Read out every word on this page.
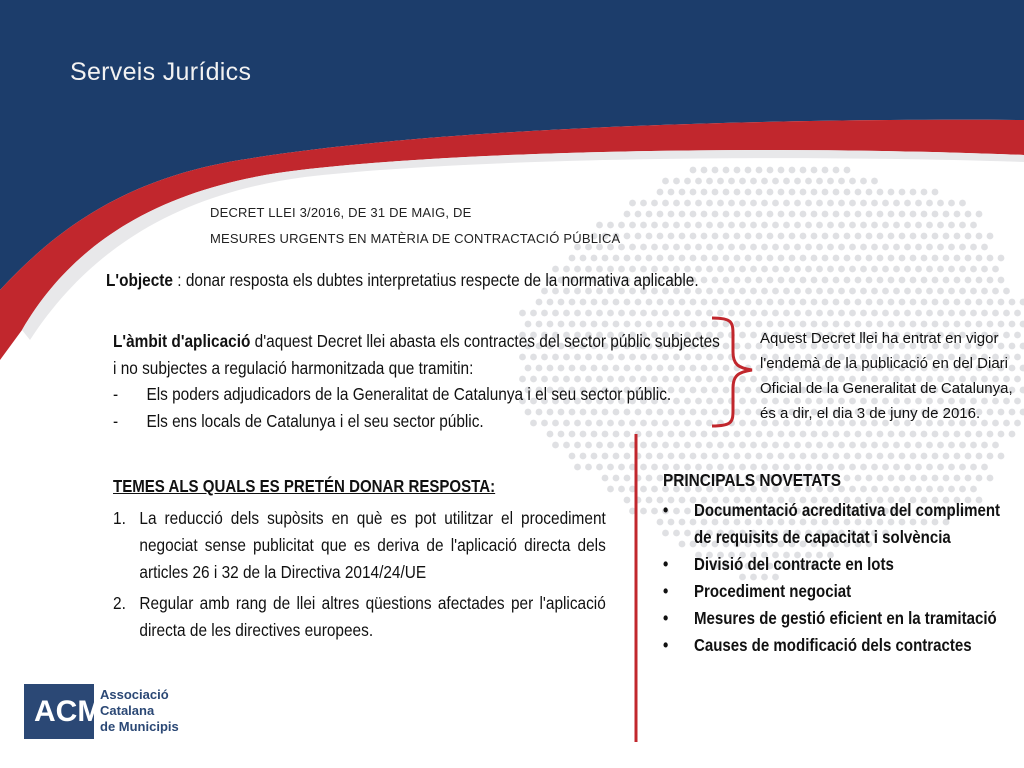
Serveis Jurídics
DECRET LLEI 3/2016, DE 31 DE MAIG, DE
MESURES URGENTS EN MATÈRIA DE CONTRACTACIÓ PÚBLICA
L'objecte : donar resposta els dubtes interpretatius respecte de la normativa aplicable.

L'àmbit d'aplicació d'aquest Decret llei abasta els contractes del sector públic subjectes i no subjectes a regulació harmonitzada que tramitin:

- Els poders adjudicadors de la Generalitat de Catalunya i el seu sector públic.

- Els ens locals de Catalunya i el seu sector públic.

Aquest Decret llei ha entrat en vigor l'endemà de la publicació en del Diari Oficial de la Generalitat de Catalunya, és a dir, el dia 3 de juny de 2016.
TEMES ALS QUALS ES PRETÉN DONAR RESPOSTA:
1. La reducció dels supòsits en què es pot utilitzar el procediment negociat sense publicitat que es deriva de l'aplicació directa dels articles 26 i 32 de la Directiva 2014/24/UE
2. Regular amb rang de llei altres qüestions afectades per l'aplicació directa de les directives europees.
PRINCIPALS NOVETATS
• Documentació acreditativa del compliment de requisits de capacitat i solvència
• Divisió del contracte en lots
• Procediment negociat
• Mesures de gestió eficient en la tramitació
• Causes de modificació dels contractes
ACM
Associació
Catalana
de Municipis
